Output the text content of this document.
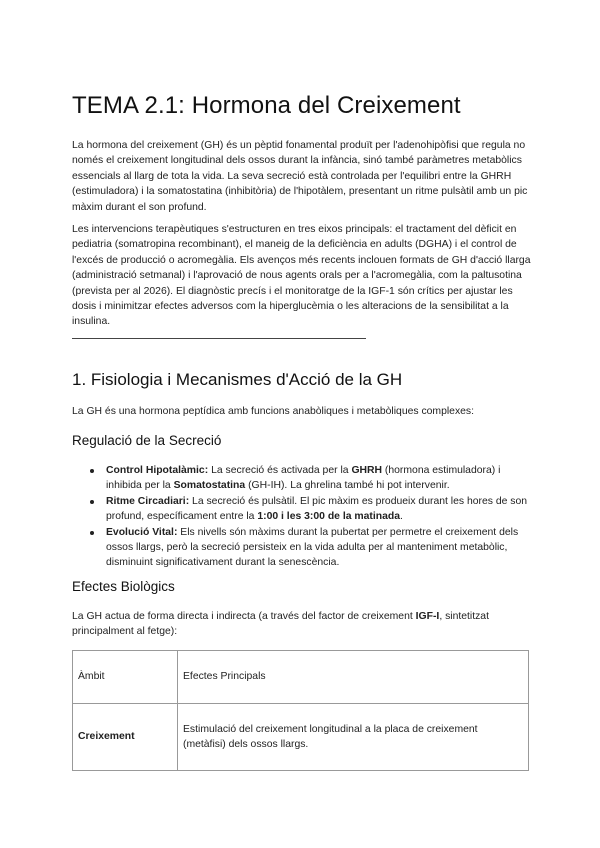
TEMA 2.1: Hormona del Creixement

La hormona del creixement (GH) és un pèptid fonamental produït per l'adenohipòfisi que regula no només el creixement longitudinal dels ossos durant la infància, sinó també paràmetres metabòlics essencials al llarg de tota la vida. La seva secreció està controlada per l'equilibri entre la GHRH (estimuladora) i la somatostatina (inhibitòria) de l'hipotàlem, presentant un ritme pulsàtil amb un pic màxim durant el son profund.

Les intervencions terapèutiques s'estructuren en tres eixos principals: el tractament del dèficit en pediatria (somatropina recombinant), el maneig de la deficiència en adults (DGHA) i el control de l'excés de producció o acromegàlia. Els avenços més recents inclouen formats de GH d'acció llarga (administració setmanal) i l'aprovació de nous agents orals per a l'acromegàlia, com la paltusotina (prevista per al 2026). El diagnòstic precís i el monitoratge de la IGF-1 són crítics per ajustar les dosis i minimitzar efectes adversos com la hiperglucèmia o les alteracions de la sensibilitat a la insulina.

1. Fisiologia i Mecanismes d'Acció de la GH

La GH és una hormona peptídica amb funcions anabòliques i metabòliques complexes:

Regulació de la Secreció
Control Hipotalàmic: La secreció és activada per la GHRH (hormona estimuladora) i inhibida per la Somatostatina (GH-IH). La ghrelina també hi pot intervenir.
Ritme Circadiari: La secreció és pulsàtil. El pic màxim es produeix durant les hores de son profund, específicament entre la 1:00 i les 3:00 de la matinada.
Evolució Vital: Els nivells són màxims durant la pubertat per permetre el creixement dels ossos llargs, però la secreció persisteix en la vida adulta per al manteniment metabòlic, disminuint significativament durant la senescència.
Efectes Biològics

La GH actua de forma directa i indirecta (a través del factor de creixement IGF-I, sintetitzat principalment al fetge):

Àmbit	Efectes Principals
Creixement	Estimulació del creixement longitudinal a la placa de creixement (metàfisi) dels ossos llargs.
